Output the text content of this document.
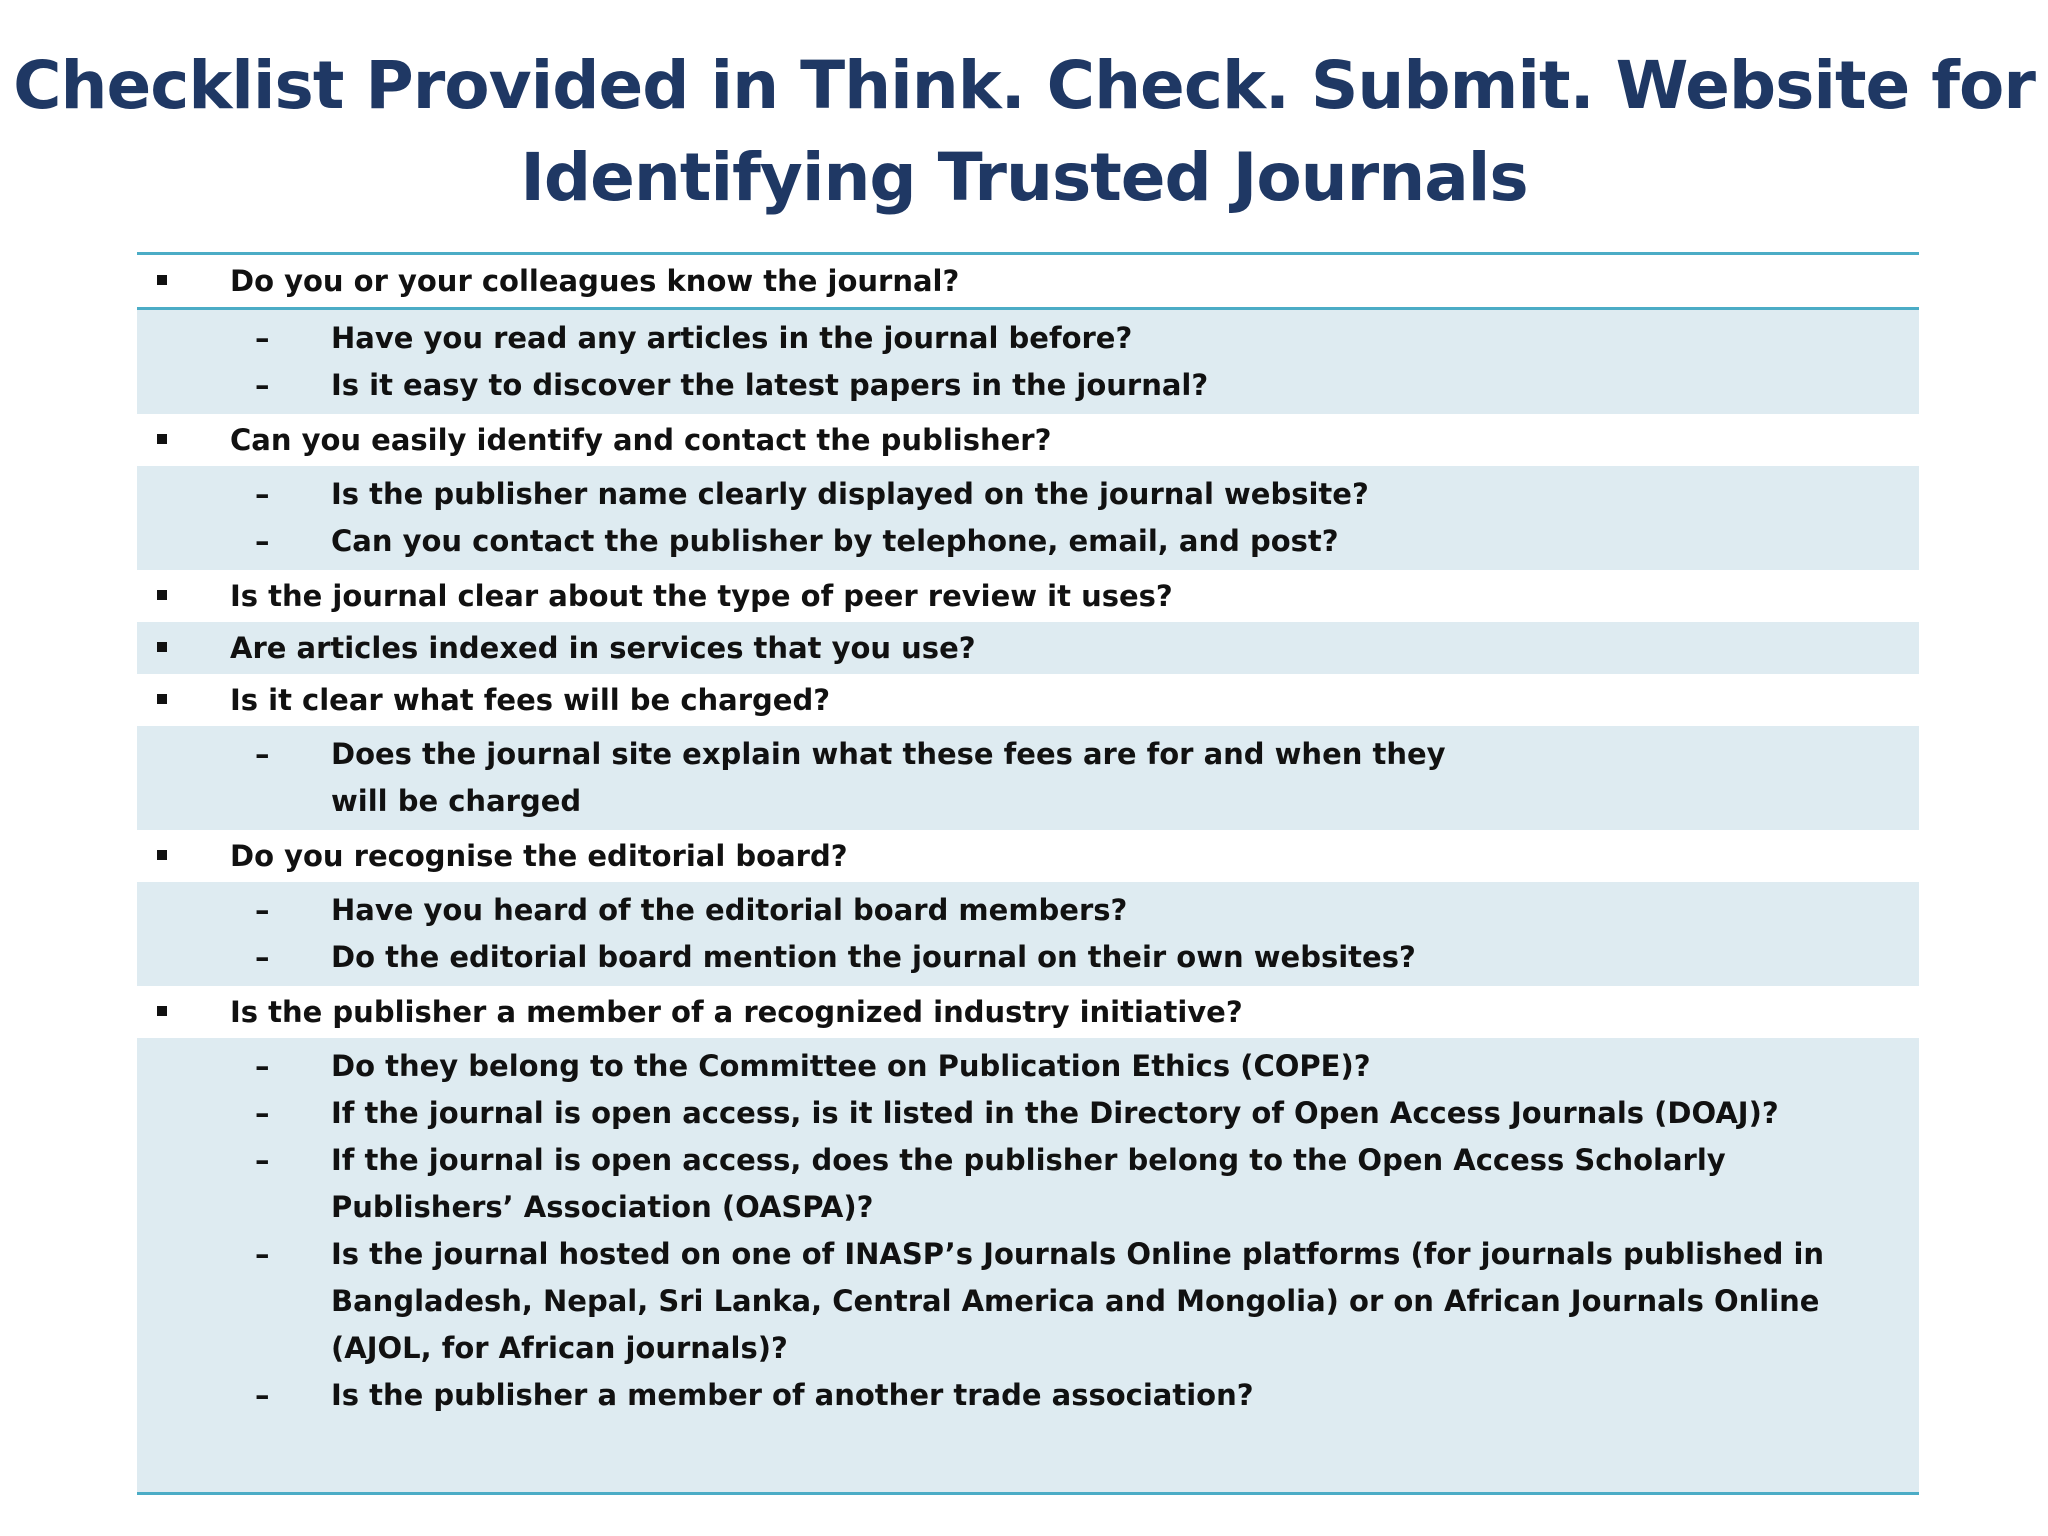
Checklist Provided in Think. Check. Submit. Website for
Identifying Trusted Journals
Do you or your colleagues know the journal?
– Have you read any articles in the journal before?
– Is it easy to discover the latest papers in the journal?
Can you easily identify and contact the publisher?
– Is the publisher name clearly displayed on the journal website?
– Can you contact the publisher by telephone, email, and post?
Is the journal clear about the type of peer review it uses?
Are articles indexed in services that you use?
Is it clear what fees will be charged?
– Does the journal site explain what these fees are for and when they will be charged
Do you recognise the editorial board?
– Have you heard of the editorial board members?
– Do the editorial board mention the journal on their own websites?
Is the publisher a member of a recognized industry initiative?
– Do they belong to the Committee on Publication Ethics (COPE)?
– If the journal is open access, is it listed in the Directory of Open Access Journals (DOAJ)?
– If the journal is open access, does the publisher belong to the Open Access Scholarly Publishers’ Association (OASPA)?
– Is the journal hosted on one of INASP’s Journals Online platforms (for journals published in Bangladesh, Nepal, Sri Lanka, Central America and Mongolia) or on African Journals Online (AJOL, for African journals)?
– Is the publisher a member of another trade association?
